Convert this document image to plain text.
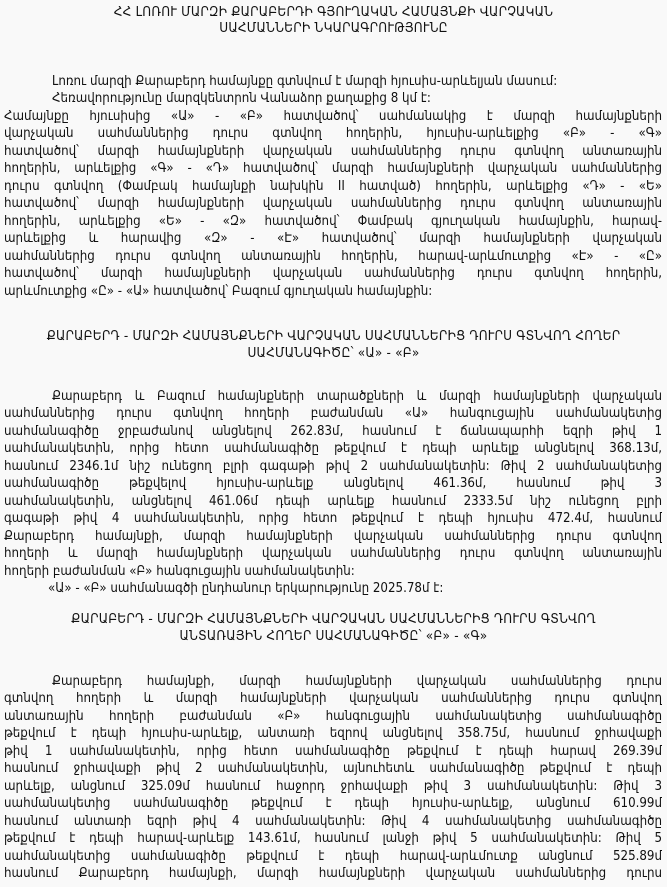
ՀՀ ԼՈՌՈՒ ՄԱՐԶԻ ՔԱՐԱԲԵՐԴԻ ԳՅՈՒՂԱԿԱՆ ՀԱՄԱՅՆՔԻ ՎԱՐՉԱԿԱՆ
ՍԱՀՄԱՆՆԵՐԻ ՆԿԱՐԱԳՐՈՒԹՅՈՒՆԸ
Լոռու մարզի Քարաբերդ համայնքը գտնվում է մարզի հյուսիս-արևելյան մասում:
Հեռավորությունը մարզկենտրոն Վանաձոր քաղաքից 8 կմ է:
Համայնքը հյուսիսից «Ա» - «Բ» հատվածով՝ սահմանակից է մարզի համայնքների
վարչական սահմաններից դուրս գտնվող հողերին, հյուսիս-արևելքից «Բ» - «Գ»
հատվածով՝ մարզի համայնքների վարչական սահմաններից դուրս գտնվող անտառային
հողերին, արևելքից «Գ» - «Դ» հատվածով՝ մարզի համայնքների վարչական սահմաններից
դուրս գտնվող (Փամբակ համայնքի նախկին II հատված) հողերին, արևելքից «Դ» - «Ե»
հատվածով՝ մարզի համայնքների վարչական սահմաններից դուրս գտնվող անտառային
հողերին, արևելքից «Ե» - «Զ» հատվածով՝ Փամբակ գյուղական համայնքին, հարավ-
արևելքից և հարավից «Զ» - «Է» հատվածով՝ մարզի համայնքների վարչական
սահմաններից դուրս գտնվող անտառային հողերին, հարավ-արևմուտքից «Է» - «Ը»
հատվածով՝ մարզի համայնքների վարչական սահմաններից դուրս գտնվող հողերին,
արևմուտքից «Ը» - «Ա» հատվածով՝ Բազում գյուղական համայնքին:
ՔԱՐԱԲԵՐԴ - ՄԱՐԶԻ ՀԱՄԱՅՆՔՆԵՐԻ ՎԱՐՉԱԿԱՆ ՍԱՀՄԱՆՆԵՐԻՑ ԴՈՒՐՍ ԳՏՆՎՈՂ ՀՈՂԵՐ
ՍԱՀՄԱՆԱԳԻԾԸ՝ «Ա» - «Բ»
Քարաբերդ և Բազում համայնքների տարածքների և մարզի համայնքների վարչական
սահմաններից դուրս գտնվող հողերի բաժանման «Ա» հանգուցային սահմանակետից
սահմանագիծը ջրբաժանով անցնելով 262.83մ, հասնում է ճանապարհի եզրի թիվ 1
սահմանակետին, որից հետո սահմանագիծը թեքվում է դեպի արևելք անցնելով 368.13մ,
հասնում 2346.1մ նիշ ունեցող բլրի գագաթի թիվ 2 սահմանակետին: Թիվ 2 սահմանակետից
սահմանագիծը թեքվելով հյուսիս-արևելք անցնելով 461.36մ, հասնում թիվ 3
սահմանակետին, անցնելով 461.06մ դեպի արևելք հասնում 2333.5մ նիշ ունեցող բլրի
գագաթի թիվ 4 սահմանակետին, որից հետո թեքվում է դեպի հյուսիս 472.4մ, հասնում
Քարաբերդ համայնքի, մարզի համայնքների վարչական սահմաններից դուրս գտնվող
հողերի և մարզի համայնքների վարչական սահմաններից դուրս գտնվող անտառային
հողերի բաժանման «Բ» հանգուցային սահմանակետին:
«Ա» - «Բ» սահմանագծի ընդհանուր երկարությունը 2025.78մ է:
ՔԱՐԱԲԵՐԴ - ՄԱՐԶԻ ՀԱՄԱՅՆՔՆԵՐԻ ՎԱՐՉԱԿԱՆ ՍԱՀՄԱՆՆԵՐԻՑ ԴՈՒՐՍ ԳՏՆՎՈՂ
ԱՆՏԱՌԱՅԻՆ ՀՈՂԵՐ ՍԱՀՄԱՆԱԳԻԾԸ՝ «Բ» - «Գ»
Քարաբերդ համայնքի, մարզի համայնքների վարչական սահմաններից դուրս
գտնվող հողերի և մարզի համայնքների վարչական սահմաններից դուրս գտնվող
անտառային հողերի բաժանման «Բ» հանգուցային սահմանակետից սահմանագիծը
թեքվում է դեպի հյուսիս-արևելք, անտառի եզրով անցնելով 358.75մ, հասնում ջրհավաքի
թիվ 1 սահմանակետին, որից հետո սահմանագիծը թեքվում է դեպի հարավ 269.39մ
հասնում ջրհավաքի թիվ 2 սահմանակետին, այնուհետև սահմանագիծը թեքվում է դեպի
արևելք, անցնում 325.09մ հասնում հաջորդ ջրհավաքի թիվ 3 սահմանակետին: Թիվ 3
սահմանակետից սահմանագիծը թեքվում է դեպի հյուսիս-արևելք, անցնում 610.99մ
հասնում անտառի եզրի թիվ 4 սահմանակետին: Թիվ 4 սահմանակետից սահմանագիծը
թեքվում է դեպի հարավ-արևելք 143.61մ, հասնում լանջի թիվ 5 սահմանակետին: Թիվ 5
սահմանակետից սահմանագիծը թեքվում է դեպի հարավ-արևմուտք անցնում 525.89մ
հասնում Քարաբերդ համայնքի, մարզի համայնքների վարչական սահմաններից դուրս
